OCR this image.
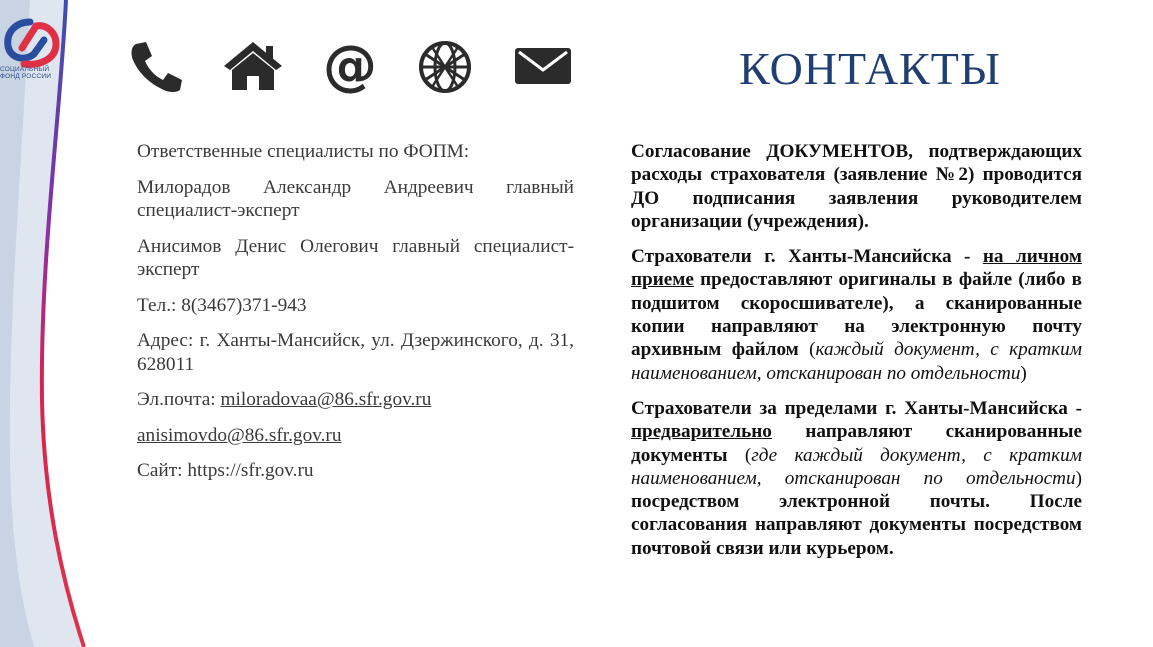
СОЦИАЛЬНЫЙ
ФОНД РОССИИ	@	КОНТАКТЫ

Ответственные специалисты по ФОПМ:

Милорадов Александр Андреевич главный специалист-эксперт

Анисимов Денис Олегович главный специалист-эксперт

Тел.: 8(3467)371-943

Адрес: г. Ханты-Мансийск, ул. Дзержинского, д. 31, 628011

Эл.почта: miloradovaa@86.sfr.gov.ru

anisimovdo@86.sfr.gov.ru

Сайт: https://sfr.gov.ru

Согласование ДОКУМЕНТОВ, подтверждающих расходы страхователя (заявление №2) проводится ДО подписания заявления руководителем организации (учреждения).

Страхователи г. Ханты-Мансийска - на личном приеме предоставляют оригиналы в файле (либо в подшитом скоросшивателе), а сканированные копии направляют на электронную почту архивным файлом (каждый документ, с кратким наименованием, отсканирован по отдельности)

Страхователи за пределами г. Ханты-Мансийска - предварительно направляют сканированные документы (где каждый документ, с кратким наименованием, отсканирован по отдельности) посредством электронной почты. После согласования направляют документы посредством почтовой связи или курьером.
